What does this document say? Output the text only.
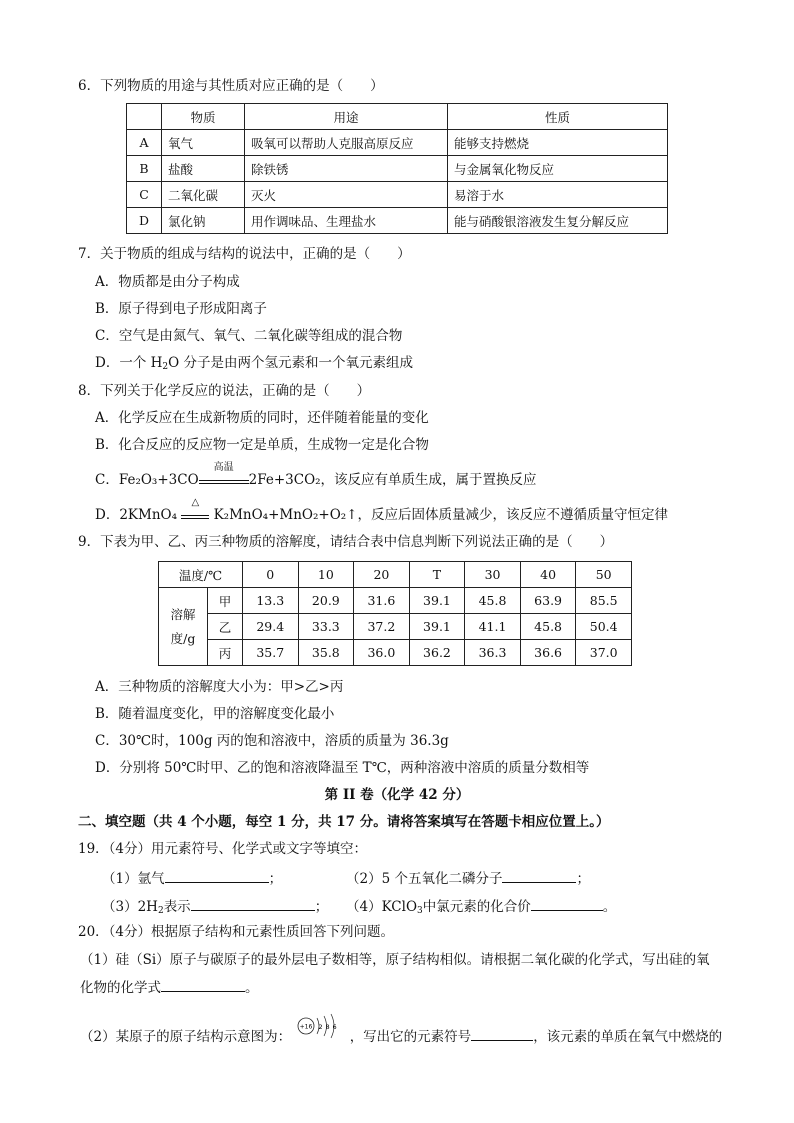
6．下列物质的用途与其性质对应正确的是（　　）
	物质	用途	性质
A	氧气	吸氧可以帮助人克服高原反应	能够支持燃烧
B	盐酸	除铁锈	与金属氧化物反应
C	二氧化碳	灭火	易溶于水
D	氯化钠	用作调味品、生理盐水	能与硝酸银溶液发生复分解反应
7．关于物质的组成与结构的说法中，正确的是（　　）
A．物质都是由分子构成
B．原子得到电子形成阳离子
C．空气是由氮气、氧气、二氧化碳等组成的混合物
D．一个 $H_2O$ 分子是由两个氢元素和一个氧元素组成
8．下列关于化学反应的说法，正确的是（　　）
A．化学反应在生成新物质的同时，还伴随着能量的变化
B．化合反应的反应物一定是单质，生成物一定是化合物
C．Fe₂O₃+3CO
高温
2Fe+3CO₂，该反应有单质生成，属于置换反应
D．2KMnO₄
△
K₂MnO₄+MnO₂+O₂↑，反应后固体质量减少，该反应不遵循质量守恒定律
9．下表为甲、乙、丙三种物质的溶解度，请结合表中信息判断下列说法正确的是（　　）
温度/℃		0	10	20	T	30	40	50
溶解
度/g	甲	13.3	20.9	31.6	39.1	45.8	63.9	85.5
	乙	29.4	33.3	37.2	39.1	41.1	45.8	50.4
	丙	35.7	35.8	36.0	36.2	36.3	36.6	37.0
A．三种物质的溶解度大小为：甲>乙>丙
B．随着温度变化，甲的溶解度变化最小
C．30℃时，100g 丙的饱和溶液中，溶质的质量为 36.3g
D．分别将 50℃时甲、乙的饱和溶液降温至 T℃，两种溶液中溶质的质量分数相等
第 II 卷（化学 42 分）
二、填空题（共 4 个小题，每空 1 分，共 17 分。请将答案填写在答题卡相应位置上。）
19．（4分）用元素符号、化学式或文字等填空：
（1）氩气	；	（2）5 个五氧化二磷分子	；
$(3)2H_2$表示	； （4）KClO$_3$中氯元素的化合价	。
20．（4分）根据原子结构和元素性质回答下列问题。
（1）硅（Si）原子与碳原子的最外层电子数相等，原子结构相似。请根据二氧化碳的化学式，写出硅的氧
化物的化学式	。
（2）某原子的原子结构示意图为：
+16 2 8 6
，写出它的元素符号	，该元素的单质在氧气中燃烧的
